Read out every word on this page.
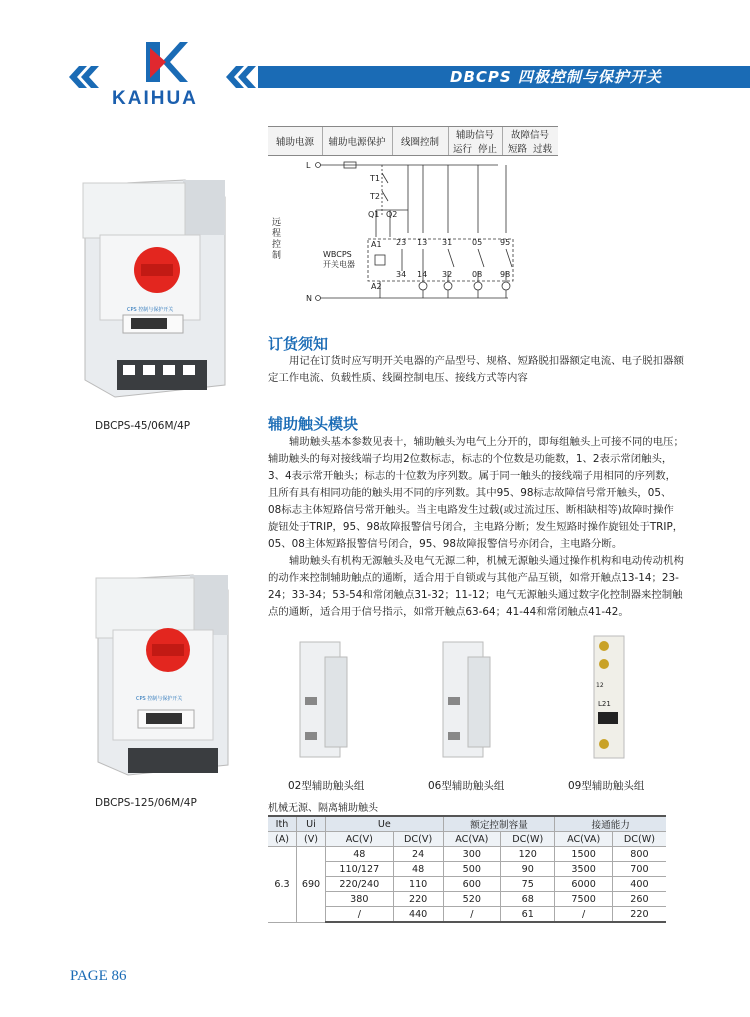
KAIHUA
DBCPS 四极控制与保护开关
辅助电源	辅助电源保护	线圈控制
辅助信号
运行 停止
故障信号
短路 过载
L
N
T1
T2
Q1 Q2
A1
A2
WBCPS
开关电器
23 13 31 05 95
34 14 32 08 98
远程控制
CPS 控制与保护开关
DBCPS-45/06M/4P
CPS 控制与保护开关
DBCPS-125/06M/4P
订货须知

用记在订货时应写明开关电器的产品型号、规格、短路脱扣器额定电流、电子脱扣器额定工作电流、负载性质、线圈控制电压、接线方式等内容

辅助触头模块

辅助触头基本参数见表十，辅助触头为电气上分开的，即每组触头上可接不同的电压；辅助触头的每对接线端子均用2位数标志，标志的个位数是功能数，1、2表示常闭触头，3、4表示常开触头；标志的十位数为序列数。属于同一触头的接线端子用相同的序列数，且所有具有相同功能的触头用不同的序列数。其中95、98标志故障信号常开触头，05、08标志主体短路信号常开触头。当主电路发生过载(或过流过压、断相缺相等)故障时操作旋钮处于TRIP，95、98故障报警信号闭合，主电路分断；发生短路时操作旋钮处于TRIP，05、08主体短路报警信号闭合，95、98故障报警信号亦闭合，主电路分断。

辅助触头有机构无源触头及电气无源二种，机械无源触头通过操作机构和电动传动机构的动作来控制辅助触点的通断，适合用于自锁或与其他产品互锁，如常开触点13-14；23-24；33-34；53-54和常闭触点31-32；11-12；电气无源触头通过数字化控制器来控制触点的通断，适合用于信号指示，如常开触点63-64；41-44和常闭触点41-42。

L21
12
02型辅助触头组	06型辅助触头组	09型辅助触头组
机械无源、隔离辅助触头
Ith	Ui	Ue		额定控制容量		接通能力	
(A)	(V)	AC(V)	DC(V)	AC(VA)	DC(W)	AC(VA)	DC(W)
6.3	690	48	24	300	120	1500	800
		110/127	48	500	90	3500	700
		220/240	110	600	75	6000	400
		380	220	520	68	7500	260
		/	440	/	61	/	220
PAGE 86
